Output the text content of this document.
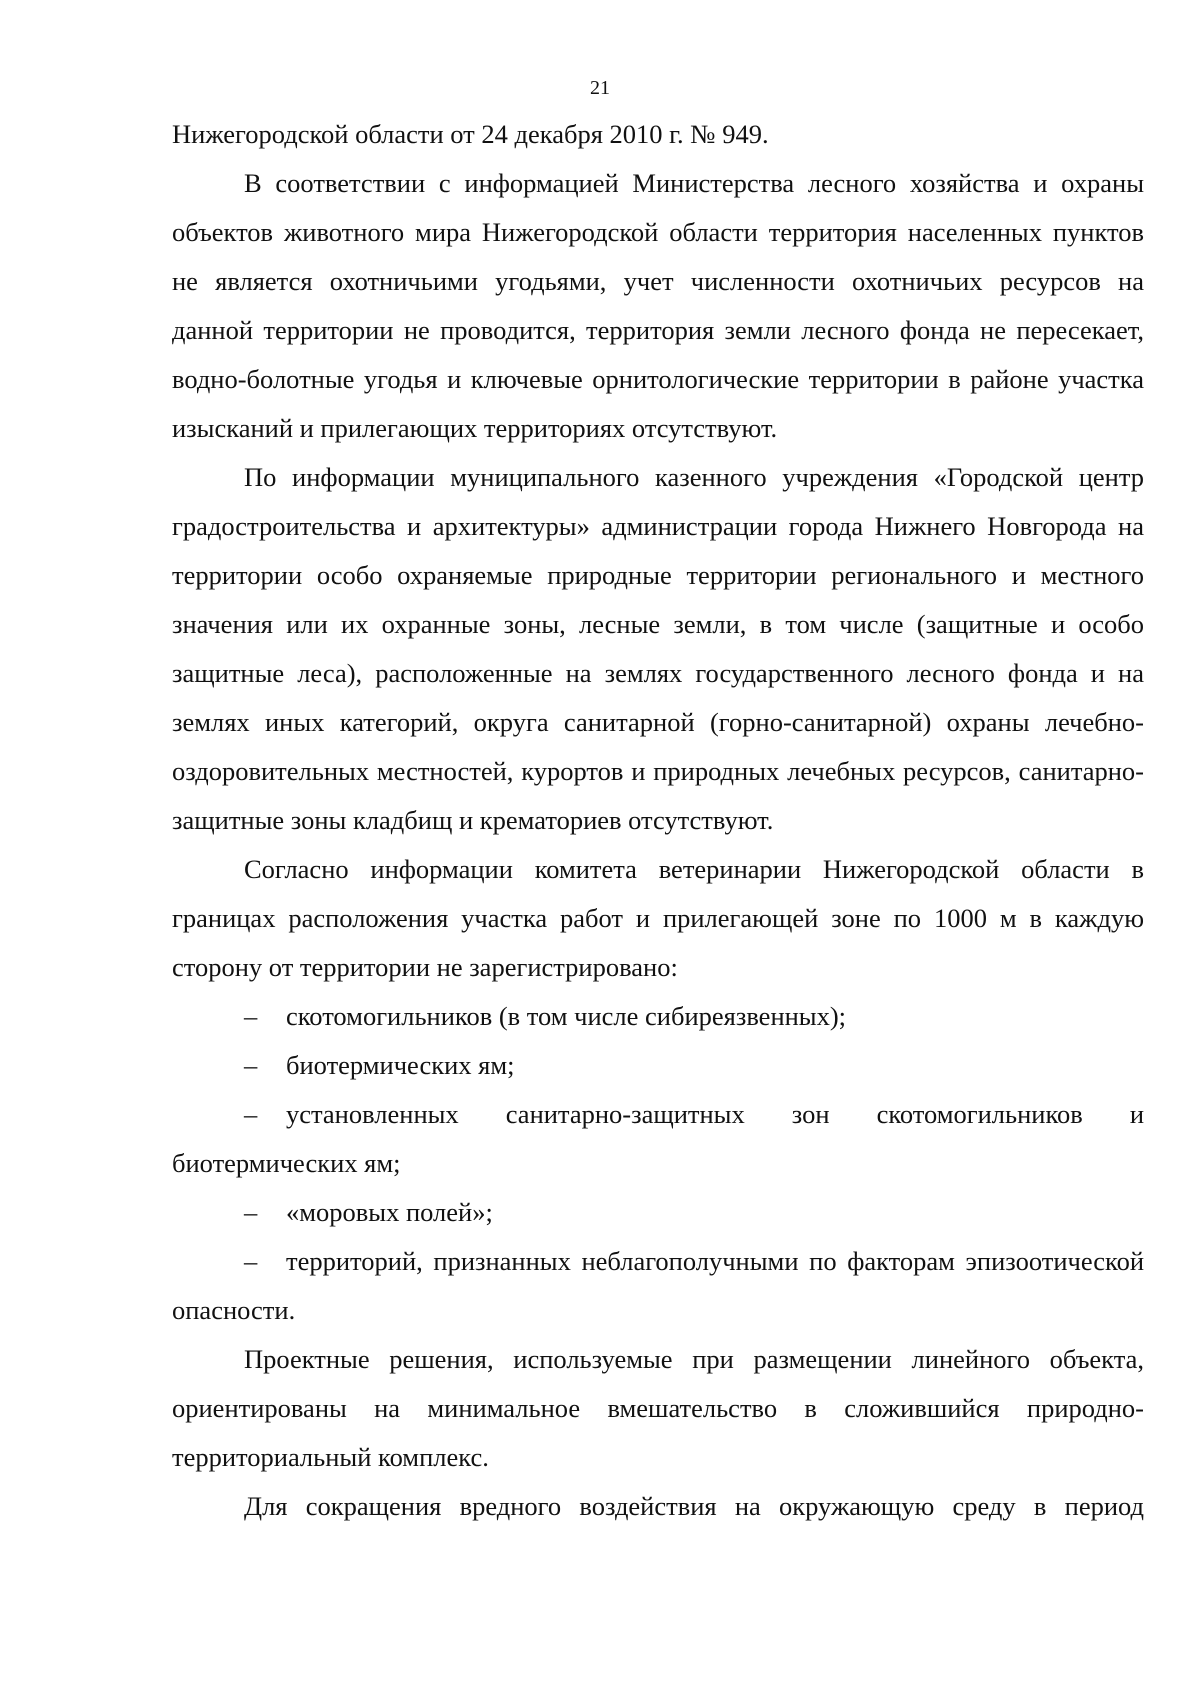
21

Нижегородской области от 24 декабря 2010 г. № 949.

В соответствии с информацией Министерства лесного хозяйства и охраны объектов животного мира Нижегородской области территория населенных пунктов не является охотничьими угодьями, учет численности охотничьих ресурсов на данной территории не проводится, территория земли лесного фонда не пересекает, водно-болотные угодья и ключевые орнитологические территории в районе участка изысканий и прилегающих территориях отсутствуют.

По информации муниципального казенного учреждения «Городской центр градостроительства и архитектуры» администрации города Нижнего Новгорода на территории особо охраняемые природные территории регионального и местного значения или их охранные зоны, лесные земли, в том числе (защитные и особо защитные леса), расположенные на землях государственного лесного фонда и на землях иных категорий, округа санитарной (горно-санитарной) охраны лечебно-оздоровительных местностей, курортов и природных лечебных ресурсов, санитарно-защитные зоны кладбищ и крематориев отсутствуют.

Согласно информации комитета ветеринарии Нижегородской области в границах расположения участка работ и прилегающей зоне по 1000 м в каждую сторону от территории не зарегистрировано:

– скотомогильников (в том числе сибиреязвенных);

– биотермических ям;

– установленных санитарно-защитных зон скотомогильников и биотермических ям;

– «моровых полей»;

– территорий, признанных неблагополучными по факторам эпизоотической опасности.

Проектные решения, используемые при размещении линейного объекта, ориентированы на минимальное вмешательство в сложившийся природно-территориальный комплекс.

Для сокращения вредного воздействия на окружающую среду в период
